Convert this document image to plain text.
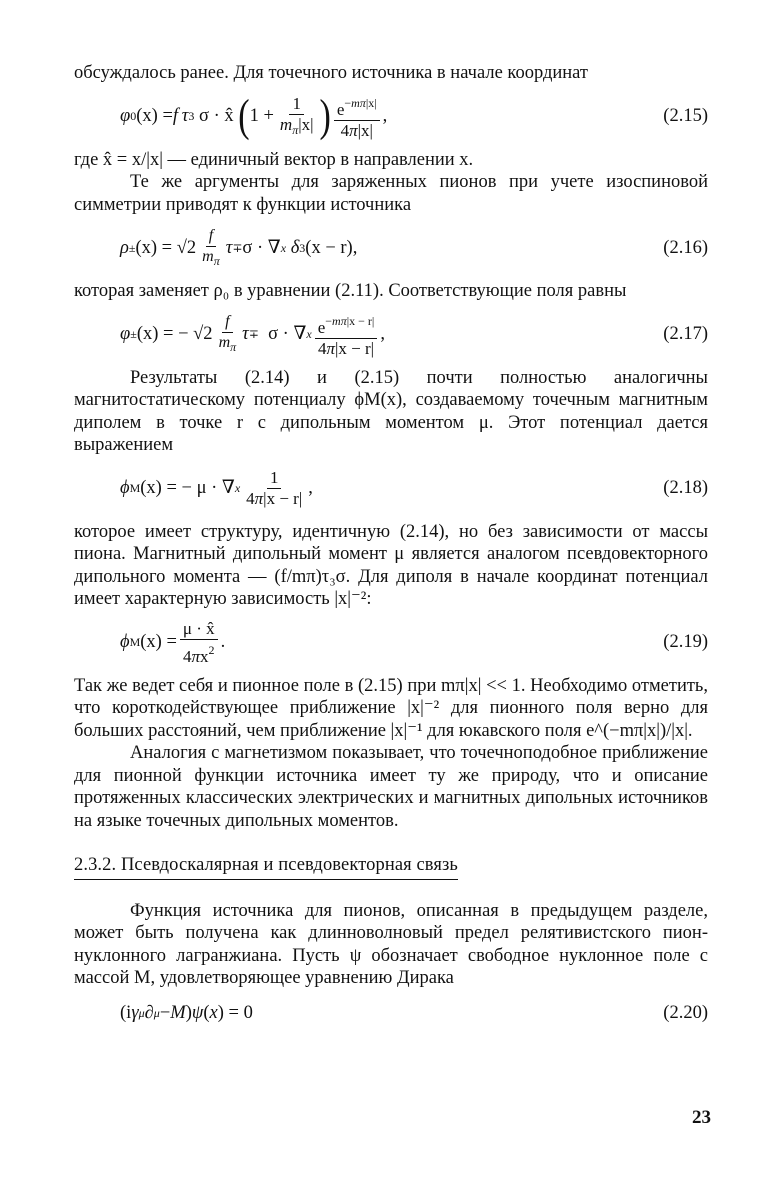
обсуждалось ранее. Для точечного источника в начале координат

φ 0 (x) = f
  τ 3 σ · x̂ ( $1 + \frac{1}{m_\pi|x|}$ ) $\frac{e^{-m\pi|x|}}{4\pi|x|}$ ,	(2.15)

где x̂ = x/|x| — единичный вектор в направлении x.

Те же аргументы для заряженных пионов при учете изоспиновой симметрии приводят к функции источника

$\rho \pm (x) = √2 \frac{f}{m_\pi}$ τ ∓ σ · ∇ x
δ 3 (x − r),	(2.16)

которая заменяет ρ₀ в уравнении (2.11). Соответствующие поля равны

φ ± (x) = − $√2 \frac{f}{m_\pi}$ τ ∓ σ · ∇ x $\frac{e^{-m\pi|x - r|}}{4\pi|x - r|}$ ,	(2.17)

Результаты (2.14) и (2.15) почти полностью аналогичны магнитостатическому потенциалу ϕM(x), создаваемому точечным магнитным диполем в точке r с дипольным моментом μ. Этот потенциал дается выражением

ϕ M (x) = − μ · ∇ x $\frac{1}{4\pi|x - r|}$ ,	(2.18)

которое имеет структуру, идентичную (2.14), но без зависимости от массы пиона. Магнитный дипольный момент μ является аналогом псевдовекторного дипольного момента — (f/mπ)τ₃σ. Для диполя в начале координат потенциал имеет характерную зависимость |x|⁻²:

ϕ M $(x) = \frac{\mu \cdot x̂}{4\pi x^2}$ .	(2.19)

Так же ведет себя и пионное поле в (2.15) при mπ|x| << 1. Необходимо отметить, что короткодействующее приближение |x|⁻² для пионного поля верно для больших расстояний, чем приближение |x|⁻¹ для юкавского поля e^(−mπ|x|)/|x|.

Аналогия с магнетизмом показывает, что точечноподобное приближение для пионной функции источника имеет ту же природу, что и описание протяженных классических электрических и магнитных дипольных источников на языке точечных дипольных моментов.

2.3.2. Псевдоскалярная и псевдовекторная связь

Функция источника для пионов, описанная в предыдущем разделе, может быть получена как длинноволновый предел релятивистского пион-нуклонного лагранжиана. Пусть ψ обозначает свободное нуклонное поле с массой M, удовлетворяющее уравнению Дирака

(i γ μ ∂ μ − M ) ψ ( x ) = 0	(2.20)
23
